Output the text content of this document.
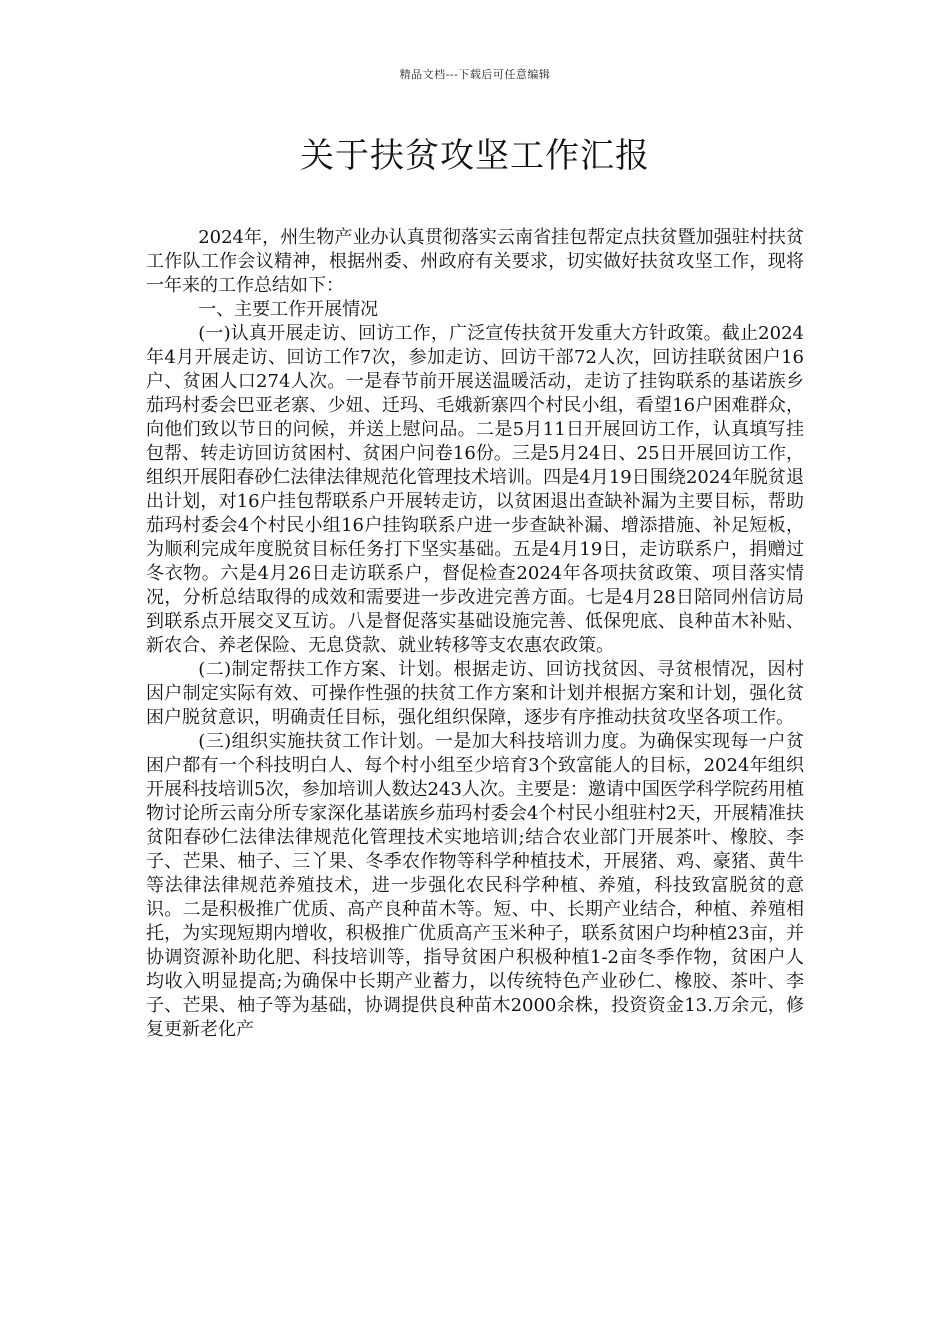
精品文档---下载后可任意编辑
关于扶贫攻坚工作汇报

2024年，州生物产业办认真贯彻落实云南省挂包帮定点扶贫暨加强驻村扶贫工作队工作会议精神，根据州委、州政府有关要求，切实做好扶贫攻坚工作，现将一年来的工作总结如下：

一、主要工作开展情况

(一)认真开展走访、回访工作，广泛宣传扶贫开发重大方针政策。截止2024年4月开展走访、回访工作7次，参加走访、回访干部72人次，回访挂联贫困户16户、贫困人口274人次。一是春节前开展送温暖活动，走访了挂钩联系的基诺族乡茄玛村委会巴亚老寨、少妞、迁玛、毛娥新寨四个村民小组，看望16户困难群众，向他们致以节日的问候，并送上慰问品。二是5月11日开展回访工作，认真填写挂包帮、转走访回访贫困村、贫困户问卷16份。三是5月24日、25日开展回访工作，组织开展阳春砂仁法律法律规范化管理技术培训。四是4月19日围绕2024年脱贫退出计划，对16户挂包帮联系户开展转走访，以贫困退出查缺补漏为主要目标，帮助茄玛村委会4个村民小组16户挂钩联系户进一步查缺补漏、增添措施、补足短板，为顺利完成年度脱贫目标任务打下坚实基础。五是4月19日，走访联系户，捐赠过冬衣物。六是4月26日走访联系户，督促检查2024年各项扶贫政策、项目落实情况，分析总结取得的成效和需要进一步改进完善方面。七是4月28日陪同州信访局到联系点开展交叉互访。八是督促落实基础设施完善、低保兜底、良种苗木补贴、新农合、养老保险、无息贷款、就业转移等支农惠农政策。

(二)制定帮扶工作方案、计划。根据走访、回访找贫因、寻贫根情况，因村因户制定实际有效、可操作性强的扶贫工作方案和计划并根据方案和计划，强化贫困户脱贫意识，明确责任目标，强化组织保障，逐步有序推动扶贫攻坚各项工作。

(三)组织实施扶贫工作计划。一是加大科技培训力度。为确保实现每一户贫困户都有一个科技明白人、每个村小组至少培育3个致富能人的目标，2024年组织开展科技培训5次，参加培训人数达243人次。主要是：邀请中国医学科学院药用植物讨论所云南分所专家深化基诺族乡茄玛村委会4个村民小组驻村2天，开展精准扶贫阳春砂仁法律法律规范化管理技术实地培训;结合农业部门开展茶叶、橡胶、李子、芒果、柚子、三丫果、冬季农作物等科学种植技术，开展猪、鸡、豪猪、黄牛等法律法律规范养殖技术，进一步强化农民科学种植、养殖，科技致富脱贫的意识。二是积极推广优质、高产良种苗木等。短、中、长期产业结合，种植、养殖相托，为实现短期内增收，积极推广优质高产玉米种子，联系贫困户均种植23亩，并协调资源补助化肥、科技培训等，指导贫困户积极种植1-2亩冬季作物，贫困户人均收入明显提高;为确保中长期产业蓄力，以传统特色产业砂仁、橡胶、茶叶、李子、芒果、柚子等为基础，协调提供良种苗木2000余株，投资资金13.万余元，修复更新老化产
